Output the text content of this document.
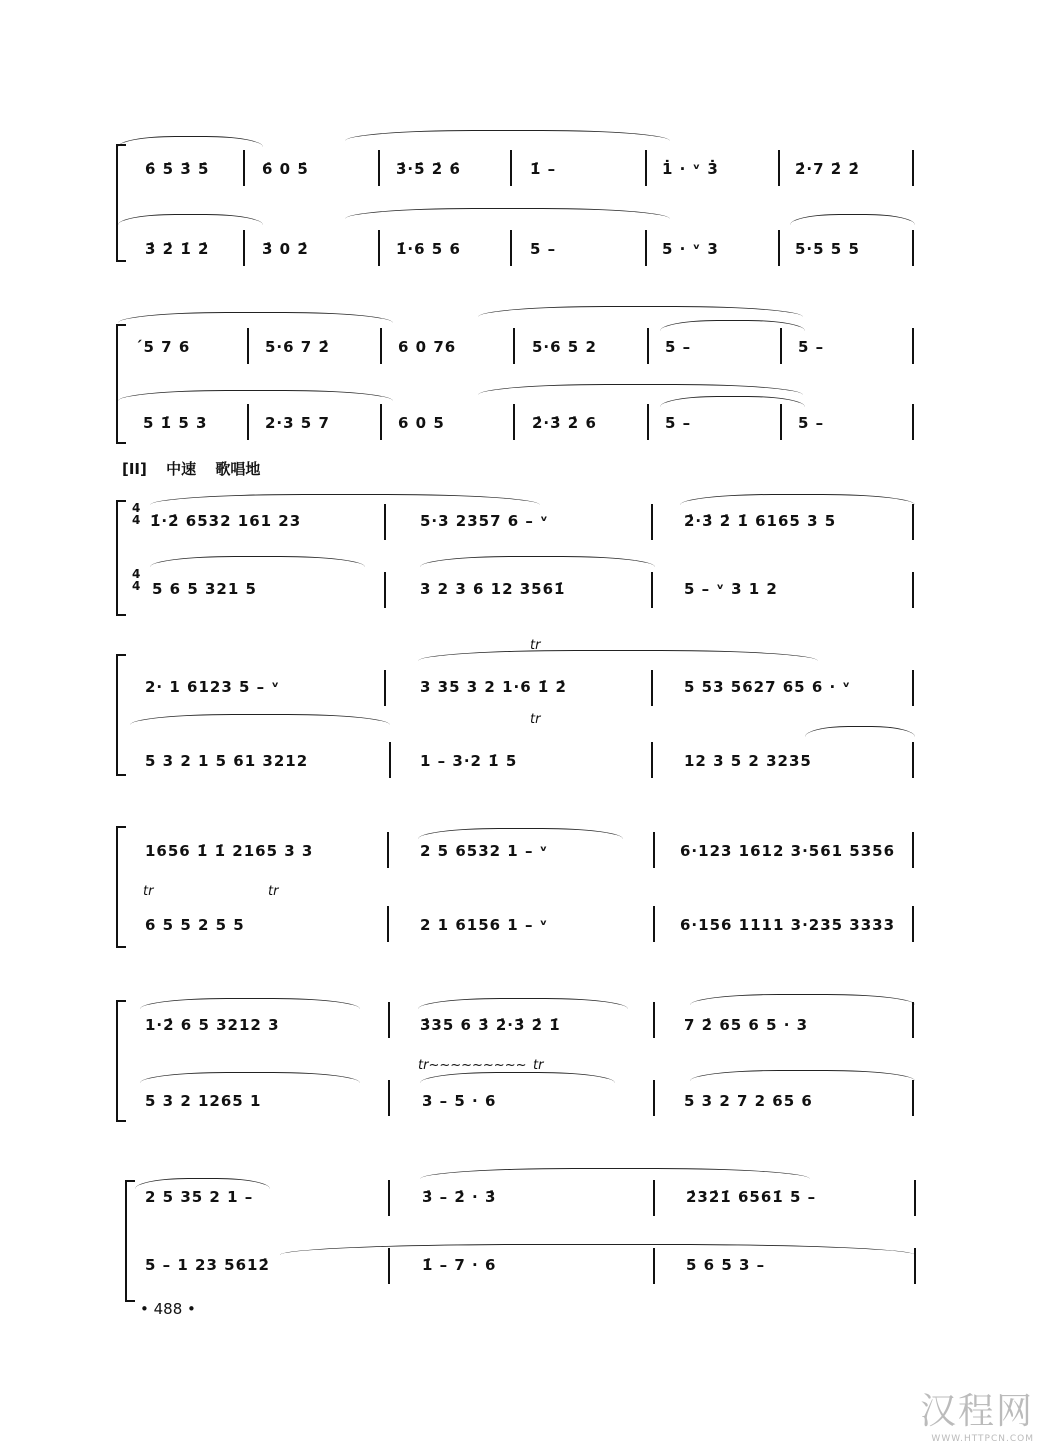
6̇ 5̇ 3̇ 5̇	6̇ 0 5̇	3̇·5̇ 2̇ 6̇	1̇ –	1̇ · ᵛ 3̇	2̇·7 2̇ 2̇
3̇ 2̇ 1̇ 2̇	3̇ 0 2̇	1̇·6 5 6	5 –	5 · ᵛ 3	5·5 5 5
ˊ5 7 6	5·6 7 2̇	6 0 76	5·6 5 2	5 –	5 –
5 1̇ 5 3	2·3 5 7	6 0 5	2̇·3̇ 2̇ 6	5 –	5 –
[II] 中速 歌唱地
4
4
4
4
1̇·2̇ 6532 161 23	5·3 2357 6 – ᵛ	2̇·3̇ 2̇ 1̇ 6165 3 5
5 6 5 321 5	3 2 3 6 12 3561̇	5 – ᵛ 3 1 2
tr
tr
2· 1 6123 5 – ᵛ	3 35 3 2 1·6 1̇ 2̇	5 53 5627 65 6 · ᵛ
5 3 2 1 5 61 3212	1 – 3·2 1̇ 5	12 3 5 2 3235
tr	tr
1656 1̇ 1̇ 2165 3 3	2 5 6532 1 – ᵛ	6·123 1612 3·561 5356
6 5 5 2 5 5	2 1 6156 1 – ᵛ	6·156 1111 3·235 3333
tr~~~~~~~~~ tr
1·2̇ 6 5 3212 3	3̇35 6 3̇ 2̇·3̇ 2̇ 1̇	7 2̇ 65 6 5 · 3
5 3 2 1265 1	3 – 5 · 6	5 3 2 7 2 65 6
2 5 35 2 1 –	3̇ – 2̇ · 3̇	2̇32̇1̇ 6561̇ 5 –
5 – 1 23 5612̇	1̇ – 7 · 6	5 6 5 3 –
• 488 •
汉程网
WWW.HTTPCN.COM
